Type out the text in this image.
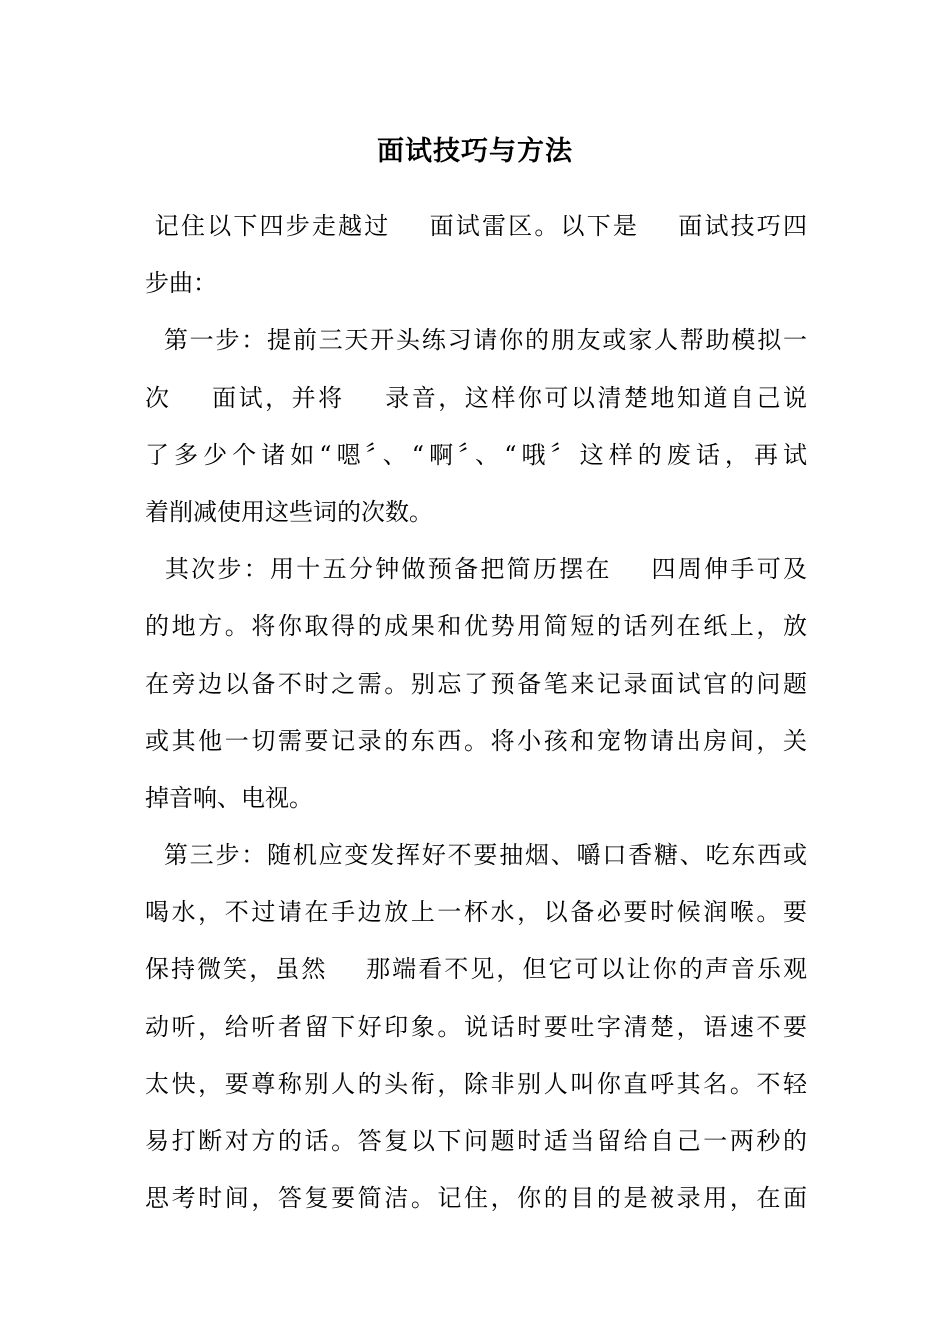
面试技巧与方法
记住以下四步走越过    面试雷区。以下是    面试技巧四
步曲：
第一步：提前三天开头练习请你的朋友或家人帮助模拟一
次    面试，并将    录音，这样你可以清楚地知道自己说
了多少个诸如“嗯〞、“啊〞、“哦〞这样的废话，再试
着削减使用这些词的次数。
其次步：用十五分钟做预备把简历摆在    四周伸手可及
的地方。将你取得的成果和优势用简短的话列在纸上，放
在旁边以备不时之需。别忘了预备笔来记录面试官的问题
或其他一切需要记录的东西。将小孩和宠物请出房间，关
掉音响、电视。
第三步：随机应变发挥好不要抽烟、嚼口香糖、吃东西或
喝水，不过请在手边放上一杯水，以备必要时候润喉。要
保持微笑，虽然    那端看不见，但它可以让你的声音乐观
动听，给听者留下好印象。说话时要吐字清楚，语速不要
太快，要尊称别人的头衔，除非别人叫你直呼其名。不轻
易打断对方的话。答复以下问题时适当留给自己一两秒的
思考时间，答复要简洁。记住，你的目的是被录用，在面
